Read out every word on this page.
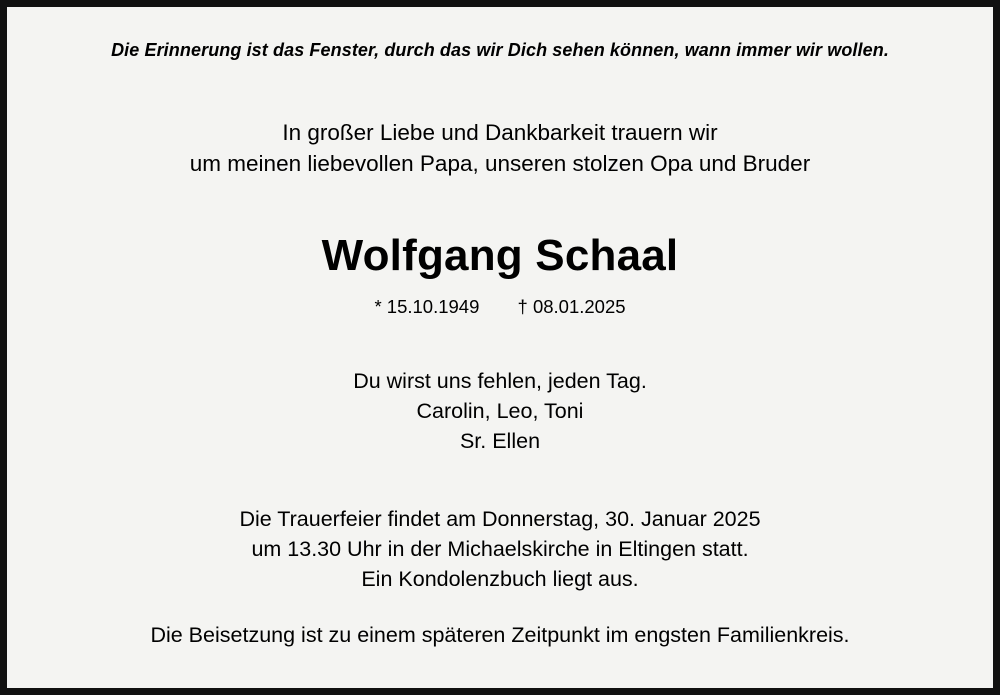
Die Erinnerung ist das Fenster, durch das wir Dich sehen können, wann immer wir wollen.
In großer Liebe und Dankbarkeit trauern wir
um meinen liebevollen Papa, unseren stolzen Opa und Bruder
Wolfgang Schaal
* 15.10.1949 † 08.01.2025
Du wirst uns fehlen, jeden Tag.
Carolin, Leo, Toni
Sr. Ellen
Die Trauerfeier findet am Donnerstag, 30. Januar 2025
um 13.30 Uhr in der Michaelskirche in Eltingen statt.
Ein Kondolenzbuch liegt aus.
Die Beisetzung ist zu einem späteren Zeitpunkt im engsten Familienkreis.
